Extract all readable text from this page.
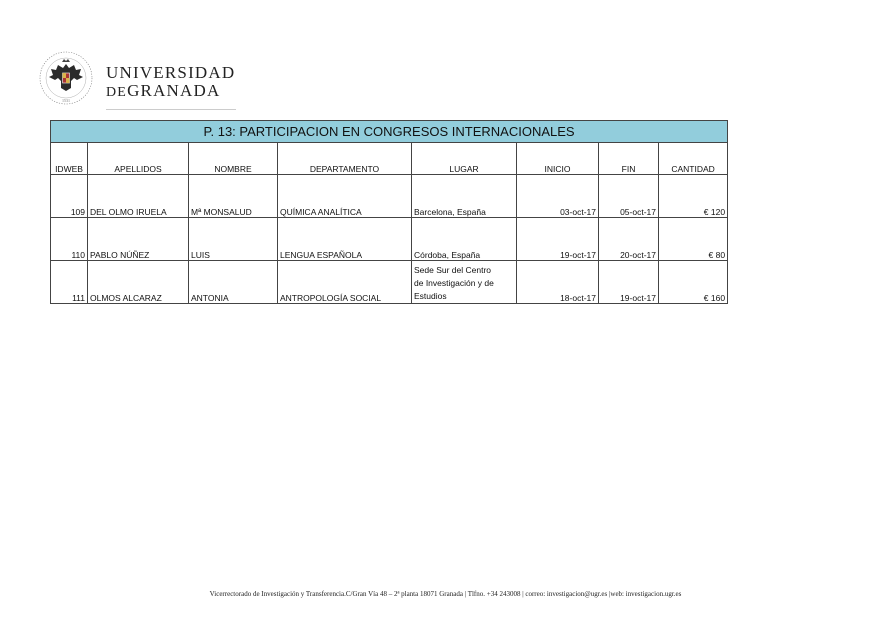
1531
UNIVERSIDAD
DEGRANADA
P. 13: PARTICIPACION EN CONGRESOS INTERNACIONALES							
IDWEB	APELLIDOS	NOMBRE	DEPARTAMENTO	LUGAR	INICIO	FIN	CANTIDAD
109	DEL OLMO IRUELA	Mª MONSALUD	QUÍMICA ANALÍTICA	Barcelona, España	03-oct-17	05-oct-17	€ 120
110	PABLO NÚÑEZ	LUIS	LENGUA ESPAÑOLA	Córdoba, España	19-oct-17	20-oct-17	€ 80
111	OLMOS ALCARAZ	ANTONIA	ANTROPOLOGÍA SOCIAL	Sede Sur del Centro
de Investigación y de
Estudios	18-oct-17	19-oct-17	€ 160
Vicerrectorado de Investigación y Transferencia.C/Gran Vía 48 – 2ª planta 18071 Granada | Tlfno. +34 243008 | correo: investigacion@ugr.es |web: investigacion.ugr.es
